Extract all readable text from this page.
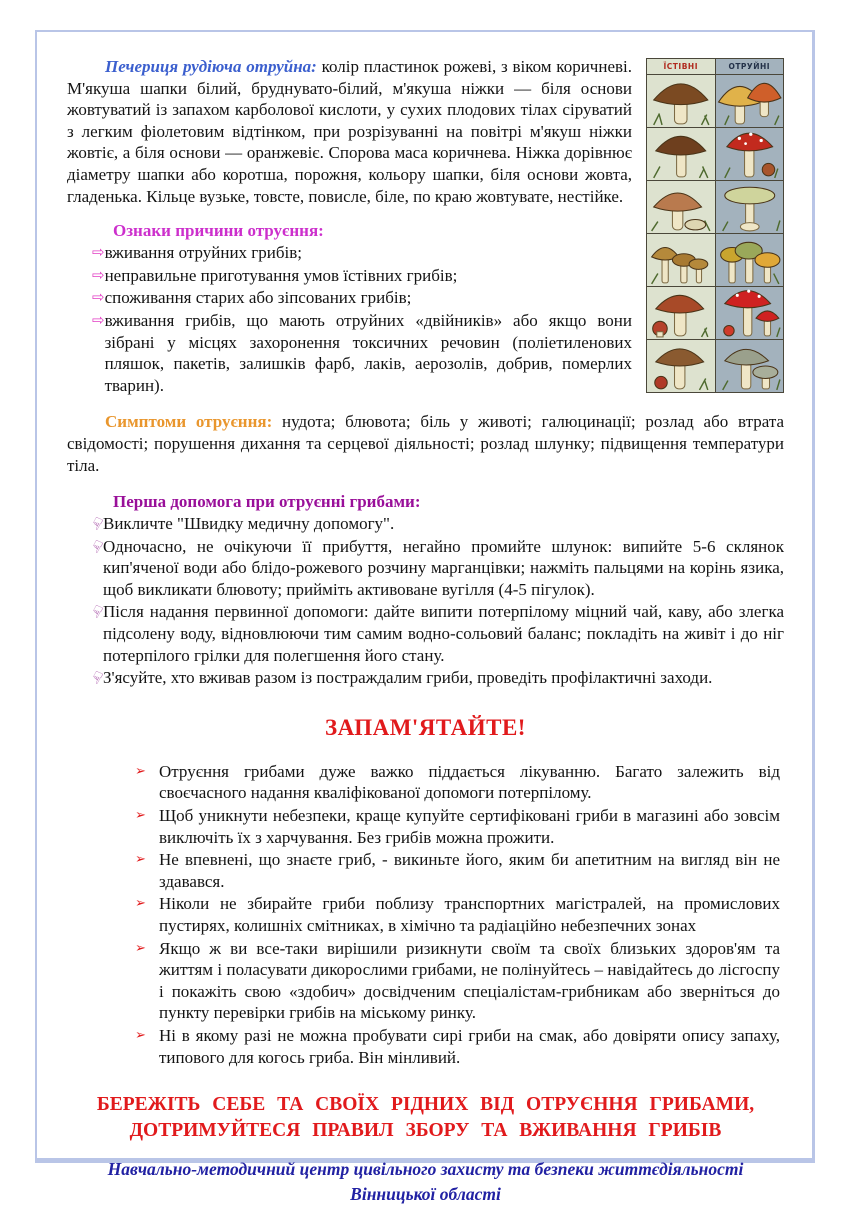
ЇСТІВНІ	ОТРУЙНІ

Печериця рудіюча отруйна: колір пластинок рожеві, з віком коричневі. М'якуша шапки білий, бруднувато-білий, м'якуша ніжки — біля основи жовтуватий із запахом карболової кислоти, у сухих плодових тілах сіруватий з легким фіолетовим відтінком, при розрізуванні на повітрі м'якуш ніжки жовтіє, а біля основи — оранжевіє. Спорова маса коричнева. Ніжка дорівнює діаметру шапки або коротша, порожня, кольору шапки, біля основи жовта, гладенька. Кільце вузьке, товсте, повисле, біле, по краю жовтувате, нестійке.

Ознаки причини отруєння:
⇨ вживання отруйних грибів;
⇨ неправильне приготування умов їстівних грибів;
⇨ споживання старих або зіпсованих грибів;
⇨ вживання грибів, що мають отруйних «двійників» або якщо вони зібрані у місцях захоронення токсичних речовин (поліетиленових пляшок, пакетів, залишків фарб, лаків, аерозолів, добрив, померлих тварин).

Симптоми отруєння: нудота; блювота; біль у животі; галюцинації; розлад або втрата свідомості; порушення дихання та серцевої діяльності; розлад шлунку; підвищення температури тіла.

Перша допомога при отруєнні грибами:
☟
Викличте "Швидку медичну допомогу".
☟
Одночасно, не очікуючи її прибуття, негайно промийте шлунок: випийте 5-6 склянок кип'яченої води або блідо-рожевого розчину марганцівки; нажміть пальцями на корінь язика, щоб викликати блювоту; прийміть активоване вугілля (4-5 пігулок).
☟
Після надання первинної допомоги: дайте випити потерпілому міцний чай, каву, або злегка підсолену воду, відновлюючи тим самим водно-сольовий баланс; покладіть на живіт і до ніг потерпілого грілки для полегшення його стану.
☟
З'ясуйте, хто вживав разом із постраждалим гриби, проведіть профілактичні заходи.
ЗАПАМ'ЯТАЙТЕ!
➢ Отруєння грибами дуже важко піддається лікуванню. Багато залежить від своєчасного надання кваліфікованої допомоги потерпілому.
➢ Щоб уникнути небезпеки, краще купуйте сертифіковані гриби в магазині або зовсім виключіть їх з харчування. Без грибів можна прожити.
➢ Не впевнені, що знаєте гриб, - викиньте його, яким би апетитним на вигляд він не здавався.
➢ Ніколи не збирайте гриби поблизу транспортних магістралей, на промислових пустирях, колишніх смітниках, в хімічно та радіаційно небезпечних зонах
➢ Якщо ж ви все-таки вирішили ризикнути своїм та своїх близьких здоров'ям та життям і поласувати дикорослими грибами, не полінуйтесь – навідайтесь до лісгоспу і покажіть свою «здобич» досвідченим спеціалістам-грибникам або зверніться до пункту перевірки грибів на міському ринку.
➢ Ні в якому разі не можна пробувати сирі гриби на смак, або довіряти опису запаху, типового для когось гриба. Він мінливий.
БЕРЕЖІТЬ СЕБЕ ТА СВОЇХ РІДНИХ ВІД ОТРУЄННЯ ГРИБАМИ,
ДОТРИМУЙТЕСЯ ПРАВИЛ ЗБОРУ ТА ВЖИВАННЯ ГРИБІВ
Навчально-методичний центр цивільного захисту та безпеки життєдіяльності
Вінницької області
